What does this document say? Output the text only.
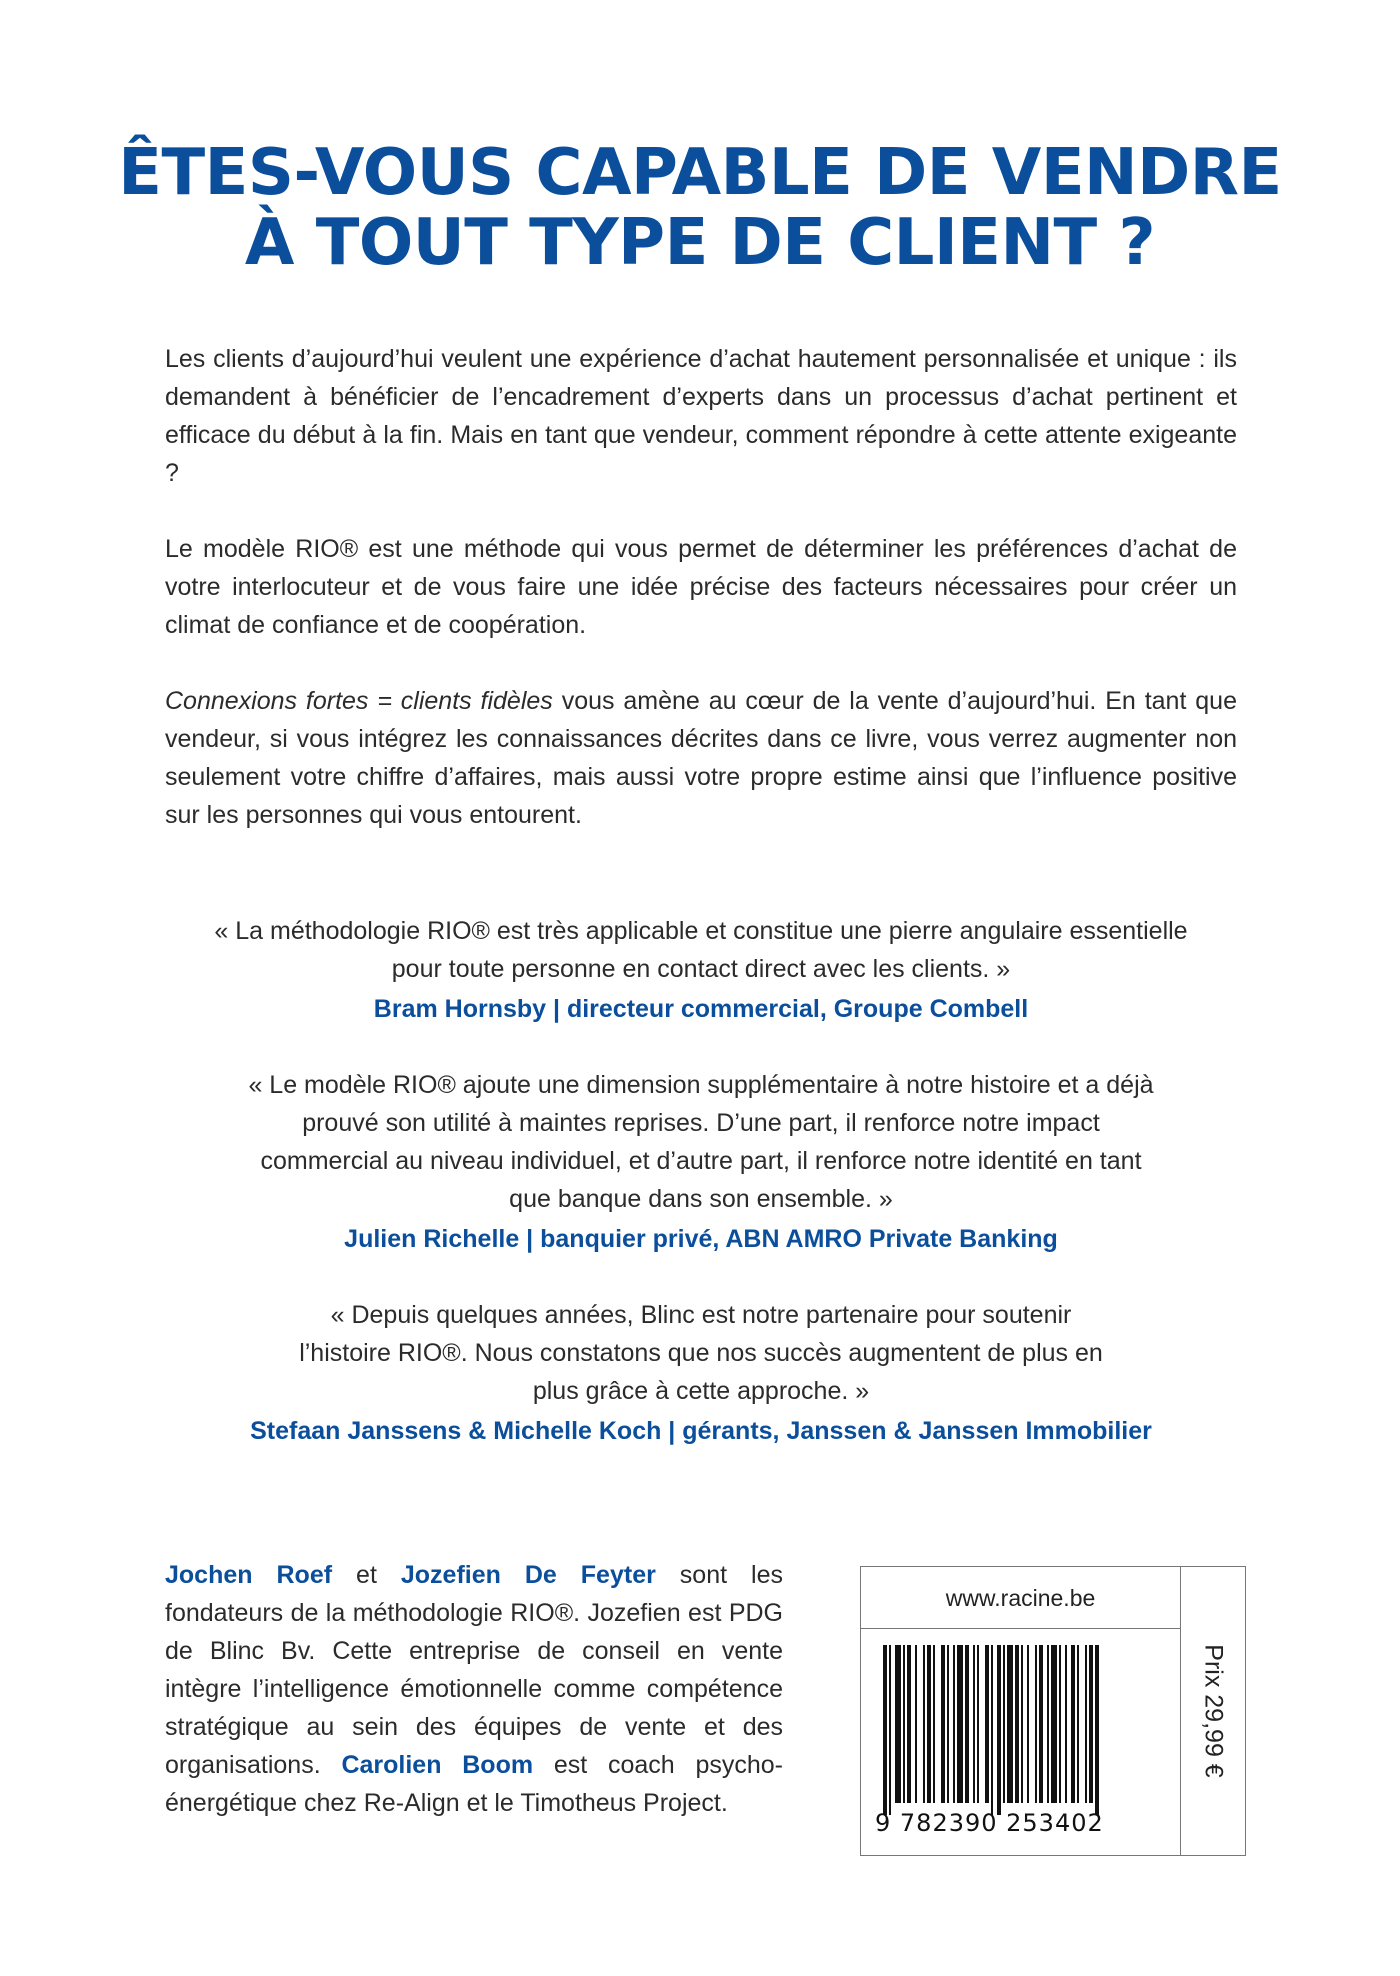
ÊTES-VOUS CAPABLE DE VENDRE
À TOUT TYPE DE CLIENT ?

Les clients d’aujourd’hui veulent une expérience d’achat hautement personnalisée et unique : ils demandent à bénéficier de l’encadrement d’experts dans un processus d’achat pertinent et efficace du début à la fin. Mais en tant que vendeur, comment répondre à cette attente exigeante ?

Le modèle RIO® est une méthode qui vous permet de déterminer les préférences d’achat de votre interlocuteur et de vous faire une idée précise des facteurs nécessaires pour créer un climat de confiance et de coopération.

Connexions fortes = clients fidèles vous amène au cœur de la vente d’aujourd’hui. En tant que vendeur, si vous intégrez les connaissances décrites dans ce livre, vous verrez augmenter non seulement votre chiffre d’affaires, mais aussi votre propre estime ainsi que l’influence positive sur les personnes qui vous entourent.

« La méthodologie RIO® est très applicable et constitue une pierre angulaire essentielle pour toute personne en contact direct avec les clients. »
Bram Hornsby | directeur commercial, Groupe Combell
« Le modèle RIO® ajoute une dimension supplémentaire à notre histoire et a déjà prouvé son utilité à maintes reprises. D’une part, il renforce notre impact commercial au niveau individuel, et d’autre part, il renforce notre identité en tant que banque dans son ensemble. »
Julien Richelle | banquier privé, ABN AMRO Private Banking
« Depuis quelques années, Blinc est notre partenaire pour soutenir l’histoire RIO®. Nous constatons que nos succès augmentent de plus en plus grâce à cette approche. »
Stefaan Janssens & Michelle Koch | gérants, Janssen & Janssen Immobilier
Jochen Roef et Jozefien De Feyter sont les fondateurs de la méthodologie RIO®. Jozefien est PDG de Blinc Bv. Cette entreprise de conseil en vente intègre l’intelligence émotionnelle comme compétence stratégique au sein des équipes de vente et des organisations. Carolien Boom est coach psycho-énergétique chez Re-Align et le Timotheus Project.
www.racine.be
9 782390 253402
Prix 29,99 €
